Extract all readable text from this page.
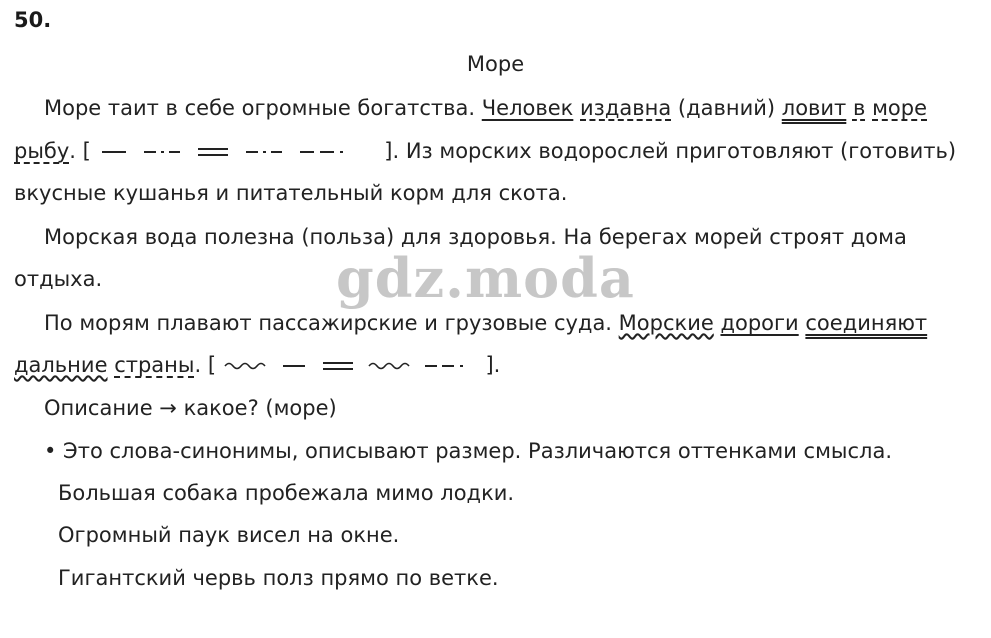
50.
Море
Море таит в себе огромные богатства. Человек издавна (давний) ловит в море
рыбу. [	]. Из морских водорослей приготовляют (готовить)
вкусные кушанья и питательный корм для скота.
Морская вода полезна (польза) для здоровья. На берегах морей строят дома
отдыха.
По морям плавают пассажирские и грузовые суда. Морские дороги соединяют
дальние страны. [	].
Описание → какое? (море)
• Это слова-синонимы, описывают размер. Различаются оттенками смысла.
Большая собака пробежала мимо лодки.
Огромный паук висел на окне.
Гигантский червь полз прямо по ветке.
gdz.moda
